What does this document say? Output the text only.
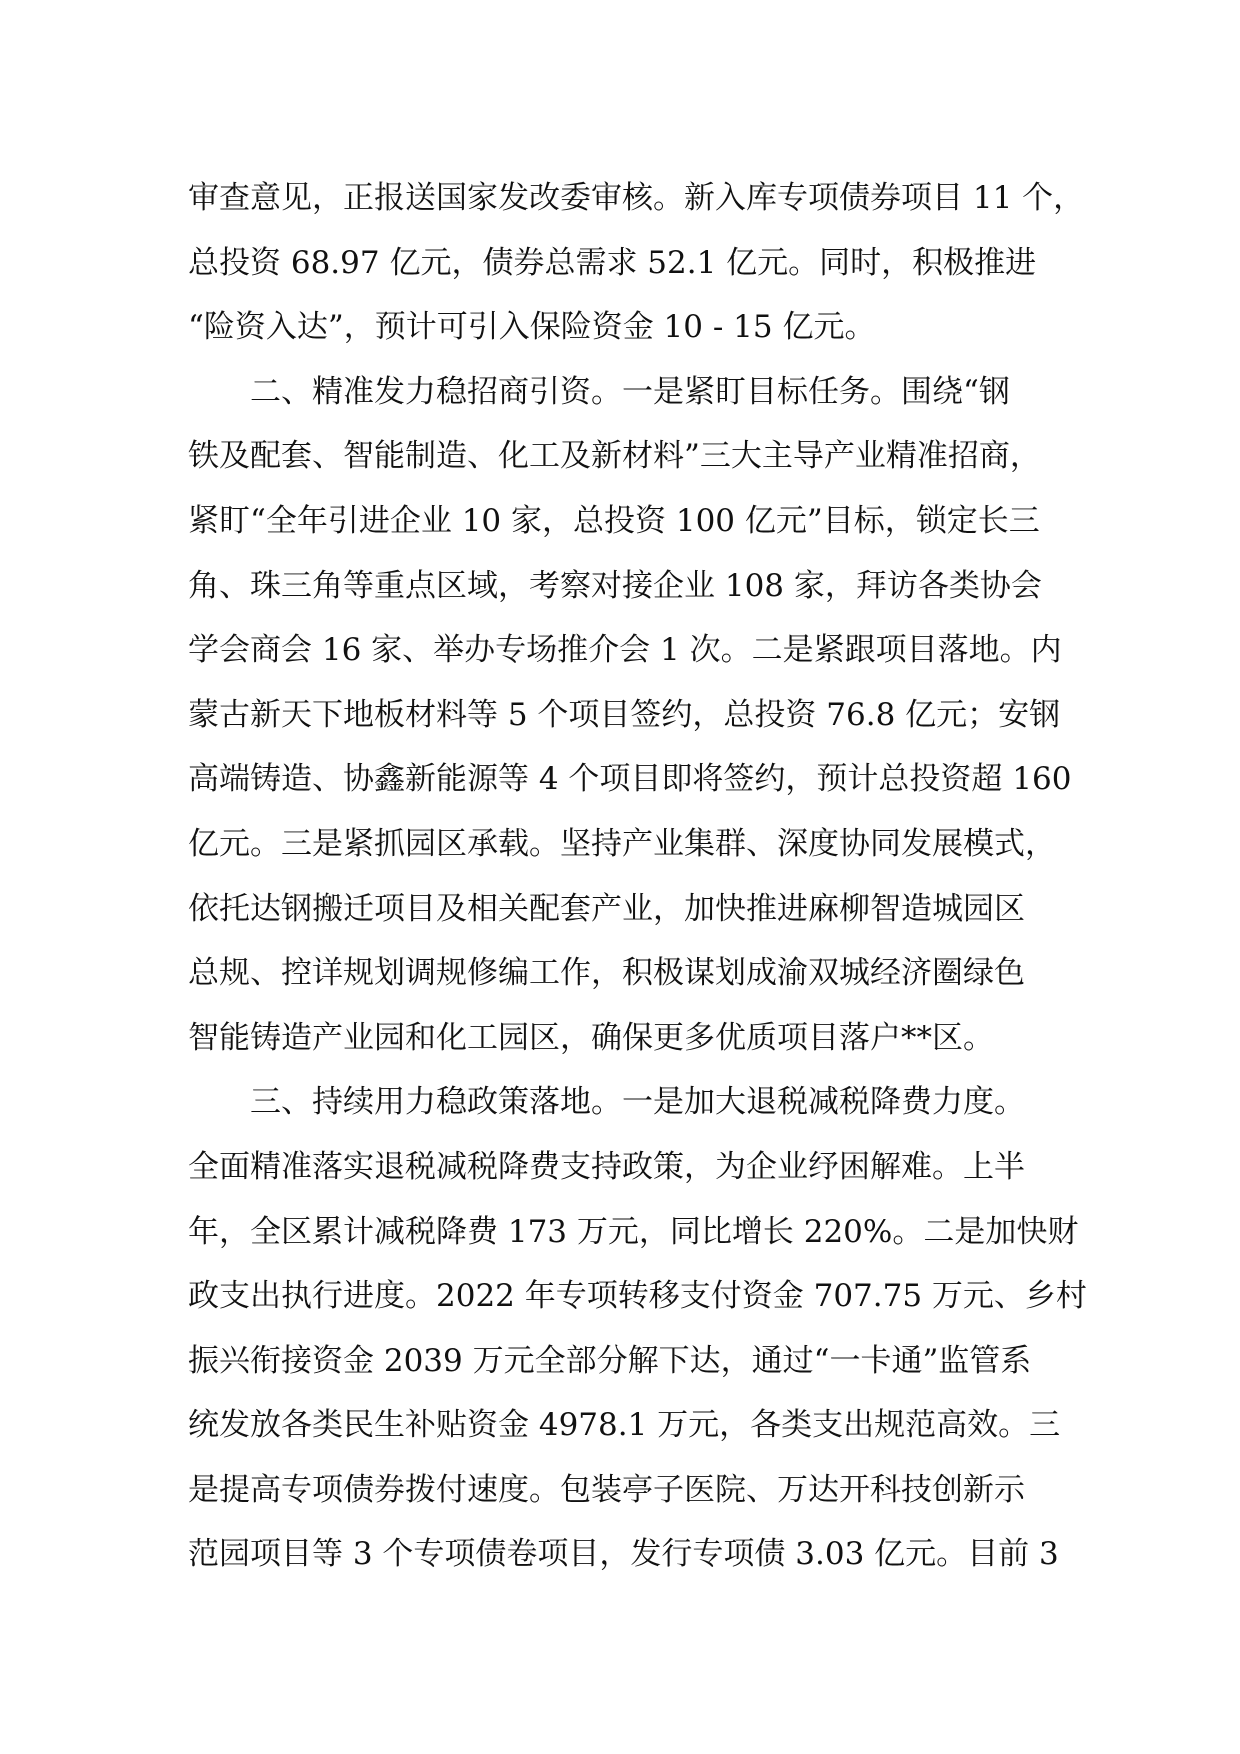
审查意见，正报送国家发改委审核。新入库专项债券项目 11 个，
总投资 68.97 亿元，债券总需求 52.1 亿元。同时，积极推进
“险资入达”，预计可引入保险资金 10 - 15 亿元。
二、精准发力稳招商引资。一是紧盯目标任务。围绕“钢
铁及配套、智能制造、化工及新材料”三大主导产业精准招商，
紧盯“全年引进企业 10 家，总投资 100 亿元”目标，锁定长三
角、珠三角等重点区域，考察对接企业 108 家，拜访各类协会
学会商会 16 家、举办专场推介会 1 次。二是紧跟项目落地。内
蒙古新天下地板材料等 5 个项目签约，总投资 76.8 亿元；安钢
高端铸造、协鑫新能源等 4 个项目即将签约，预计总投资超 160
亿元。三是紧抓园区承载。坚持产业集群、深度协同发展模式，
依托达钢搬迁项目及相关配套产业，加快推进麻柳智造城园区
总规、控详规划调规修编工作，积极谋划成渝双城经济圈绿色
智能铸造产业园和化工园区，确保更多优质项目落户**区。
三、持续用力稳政策落地。一是加大退税减税降费力度。
全面精准落实退税减税降费支持政策，为企业纾困解难。上半
年，全区累计减税降费 173 万元，同比增长 220%。二是加快财
政支出执行进度。2022 年专项转移支付资金 707.75 万元、乡村
振兴衔接资金 2039 万元全部分解下达，通过“一卡通”监管系
统发放各类民生补贴资金 4978.1 万元，各类支出规范高效。三
是提高专项债券拨付速度。包装亭子医院、万达开科技创新示
范园项目等 3 个专项债卷项目，发行专项债 3.03 亿元。目前 3
